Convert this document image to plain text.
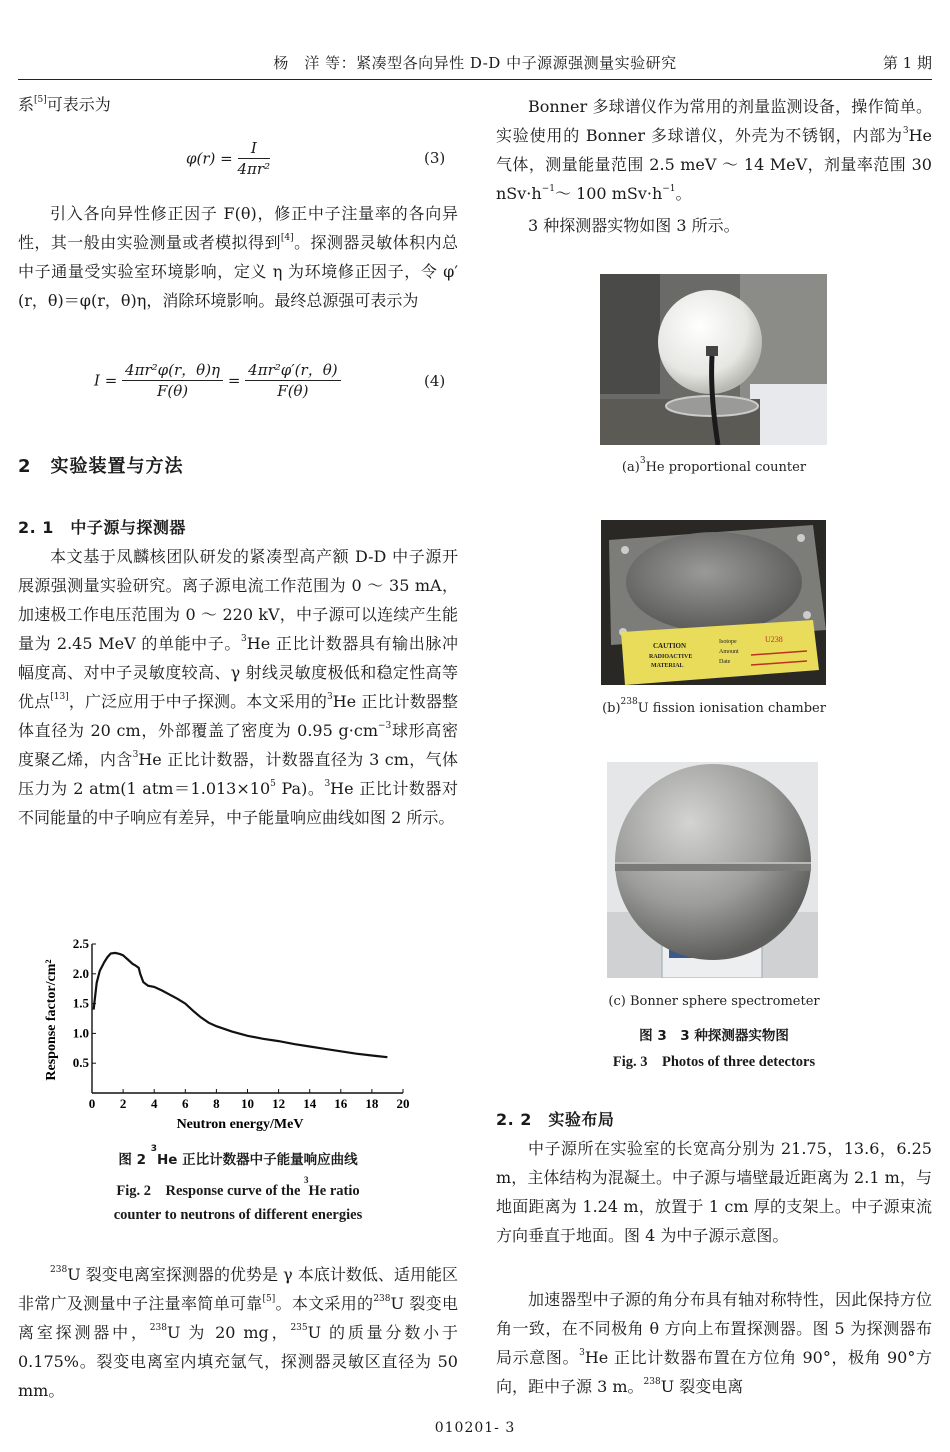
杨　洋 等：紧凑型各向异性 D-D 中子源源强测量实验研究	第 1 期
系[5]可表示为
$\varphi(r) = \frac{I}{\text{4πr²}}$	(3)
引入各向异性修正因子 F(θ)，修正中子注量率的各向异性，其一般由实验测量或者模拟得到[4]。探测器灵敏体积内总中子通量受实验室环境影响，定义 η 为环境修正因子，令 φ′(r，θ)＝φ(r，θ)η，消除环境影响。最终总源强可表示为
$I = \frac{\text{4πr²φ(r，θ)η}}{F(\theta)} = \frac{\text{4πr²φ′(r，θ)}}{F(\theta)}$	(4)
2　实验装置与方法
2. 1　中子源与探测器
本文基于凤麟核团队研发的紧凑型高产额 D-D 中子源开展源强测量实验研究。离子源电流工作范围为 0 ～ 35 mA，加速极工作电压范围为 0 ～ 220 kV，中子源可以连续产生能量为 2.45 MeV 的单能中子。$^3$He 正比计数器具有输出脉冲幅度高、对中子灵敏度较高、γ 射线灵敏度极低和稳定性高等优点[13]，广泛应用于中子探测。本文采用的$^3$He 正比计数器整体直径为 20 cm，外部覆盖了密度为 0.95 $g\cdot cm^{-3}$球形高密度聚乙烯，内含$^3$He 正比计数器，计数器直径为 3 cm，气体压力为 2 atm(1 $atm=1.013\times 10^5$ Pa)。$^3$He 正比计数器对不同能量的中子响应有差异，中子能量响应曲线如图 2 所示。
0 2 4 6 8 10 12 14 16 18 20
0.5
1.0
1.5
2.0
2.5
Neutron energy/MeV
Response factor/cm²
图 2 $^3$He 正比计数器中子能量响应曲线
Fig. 2　Response curve of the $^3$He ratio
counter to neutrons of different energies
$^{238}$U 裂变电离室探测器的优势是 γ 本底计数低、适用能区非常广及测量中子注量率简单可靠[5]。本文采用的$^{238}$U 裂变电离室探测器中，$^{238}$U 为 20 mg，$^{235}$U 的质量分数小于 0.175%。裂变电离室内填充氩气，探测器灵敏区直径为 50 mm。
Bonner 多球谱仪作为常用的剂量监测设备，操作简单。实验使用的 Bonner 多球谱仪，外壳为不锈钢，内部为$^3$He 气体，测量能量范围 2.5 meV ～ 14 MeV，剂量率范围 30 $nSv\cdot h^{-1}\sim$ 100 $mSv\cdot h^{-1}$。
3 种探测器实物如图 3 所示。
$(a)^3He$ proportional counter
CAUTION
RADIOACTIVE
MATERIAL
Isotope
Amount
Date
U238
$(b)^{238}U$ fission ionisation chamber
(c) Bonner sphere spectrometer
图 3　3 种探测器实物图
Fig. 3　Photos of three detectors
2. 2　实验布局
中子源所在实验室的长宽高分别为 21.75，13.6，6.25 m，主体结构为混凝土。中子源与墙壁最近距离为 2.1 m，与地面距离为 1.24 m，放置于 1 cm 厚的支架上。中子源束流方向垂直于地面。图 4 为中子源示意图。
加速器型中子源的角分布具有轴对称特性，因此保持方位角一致，在不同极角 θ 方向上布置探测器。图 5 为探测器布局示意图。$^3$He 正比计数器布置在方位角 90°，极角 90°方向，距中子源 3 m。$^{238}$U 裂变电离
010201- 3
